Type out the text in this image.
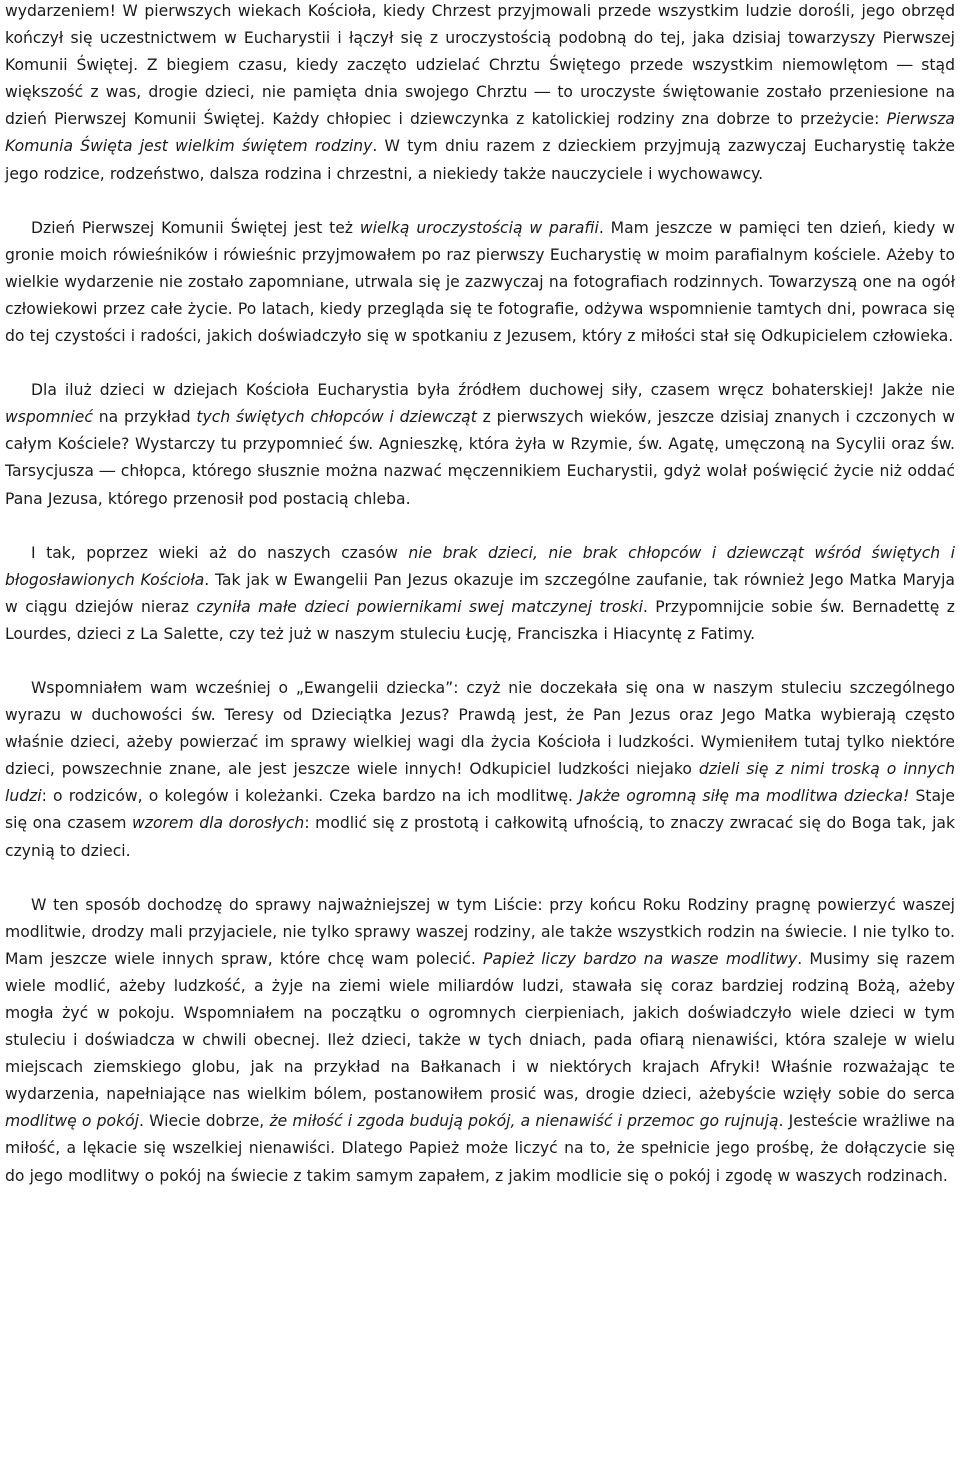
wydarzeniem! W pierwszych wiekach Kościoła, kiedy Chrzest przyjmowali przede wszystkim ludzie dorośli, jego obrzęd kończył się uczestnictwem w Eucharystii i łączył się z uroczystością podobną do tej, jaka dzisiaj towarzyszy Pierwszej Komunii Świętej. Z biegiem czasu, kiedy zaczęto udzielać Chrztu Świętego przede wszystkim niemowlętom ― stąd większość z was, drogie dzieci, nie pamięta dnia swojego Chrztu ― to uroczyste świętowanie zostało przeniesione na dzień Pierwszej Komunii Świętej. Każdy chłopiec i dziewczynka z katolickiej rodziny zna dobrze to przeżycie: Pierwsza Komunia Święta jest wielkim świętem rodziny. W tym dniu razem z dzieckiem przyjmują zazwyczaj Eucharystię także jego rodzice, rodzeństwo, dalsza rodzina i chrzestni, a niekiedy także nauczyciele i wychowawcy.

Dzień Pierwszej Komunii Świętej jest też wielką uroczystością w parafii. Mam jeszcze w pamięci ten dzień, kiedy w gronie moich rówieśników i rówieśnic przyjmowałem po raz pierwszy Eucharystię w moim parafialnym kościele. Ażeby to wielkie wydarzenie nie zostało zapomniane, utrwala się je zazwyczaj na fotografiach rodzinnych. Towarzyszą one na ogół człowiekowi przez całe życie. Po latach, kiedy przegląda się te fotografie, odżywa wspomnienie tamtych dni, powraca się do tej czystości i radości, jakich doświadczyło się w spotkaniu z Jezusem, który z miłości stał się Odkupicielem człowieka.

Dla iluż dzieci w dziejach Kościoła Eucharystia była źródłem duchowej siły, czasem wręcz bohaterskiej! Jakże nie wspomnieć na przykład tych świętych chłopców i dziewcząt z pierwszych wieków, jeszcze dzisiaj znanych i czczonych w całym Kościele? Wystarczy tu przypomnieć św. Agnieszkę, która żyła w Rzymie, św. Agatę, umęczoną na Sycylii oraz św. Tarsycjusza ― chłopca, którego słusznie można nazwać męczennikiem Eucharystii, gdyż wolał poświęcić życie niż oddać Pana Jezusa, którego przenosił pod postacią chleba.

I tak, poprzez wieki aż do naszych czasów nie brak dzieci, nie brak chłopców i dziewcząt wśród świętych i błogosławionych Kościoła. Tak jak w Ewangelii Pan Jezus okazuje im szczególne zaufanie, tak również Jego Matka Maryja w ciągu dziejów nieraz czyniła małe dzieci powiernikami swej matczynej troski. Przypomnijcie sobie św. Bernadettę z Lourdes, dzieci z La Salette, czy też już w naszym stuleciu Łucję, Franciszka i Hiacyntę z Fatimy.

Wspomniałem wam wcześniej o „Ewangelii dziecka”: czyż nie doczekała się ona w naszym stuleciu szczególnego wyrazu w duchowości św. Teresy od Dzieciątka Jezus? Prawdą jest, że Pan Jezus oraz Jego Matka wybierają często właśnie dzieci, ażeby powierzać im sprawy wielkiej wagi dla życia Kościoła i ludzkości. Wymieniłem tutaj tylko niektóre dzieci, powszechnie znane, ale jest jeszcze wiele innych! Odkupiciel ludzkości niejako dzieli się z nimi troską o innych ludzi: o rodziców, o kolegów i koleżanki. Czeka bardzo na ich modlitwę. Jakże ogromną siłę ma modlitwa dziecka! Staje się ona czasem wzorem dla dorosłych: modlić się z prostotą i całkowitą ufnością, to znaczy zwracać się do Boga tak, jak czynią to dzieci.

W ten sposób dochodzę do sprawy najważniejszej w tym Liście: przy końcu Roku Rodziny pragnę powierzyć waszej modlitwie, drodzy mali przyjaciele, nie tylko sprawy waszej rodziny, ale także wszystkich rodzin na świecie. I nie tylko to. Mam jeszcze wiele innych spraw, które chcę wam polecić. Papież liczy bardzo na wasze modlitwy. Musimy się razem wiele modlić, ażeby ludzkość, a żyje na ziemi wiele miliardów ludzi, stawała się coraz bardziej rodziną Bożą, ażeby mogła żyć w pokoju. Wspomniałem na początku o ogromnych cierpieniach, jakich doświadczyło wiele dzieci w tym stuleciu i doświadcza w chwili obecnej. Ileż dzieci, także w tych dniach, pada ofiarą nienawiści, która szaleje w wielu miejscach ziemskiego globu, jak na przykład na Bałkanach i w niektórych krajach Afryki! Właśnie rozważając te wydarzenia, napełniające nas wielkim bólem, postanowiłem prosić was, drogie dzieci, ażebyście wzięły sobie do serca modlitwę o pokój. Wiecie dobrze, że miłość i zgoda budują pokój, a nienawiść i przemoc go rujnują. Jesteście wrażliwe na miłość, a lękacie się wszelkiej nienawiści. Dlatego Papież może liczyć na to, że spełnicie jego prośbę, że dołączycie się do jego modlitwy o pokój na świecie z takim samym zapałem, z jakim modlicie się o pokój i zgodę w waszych rodzinach.
